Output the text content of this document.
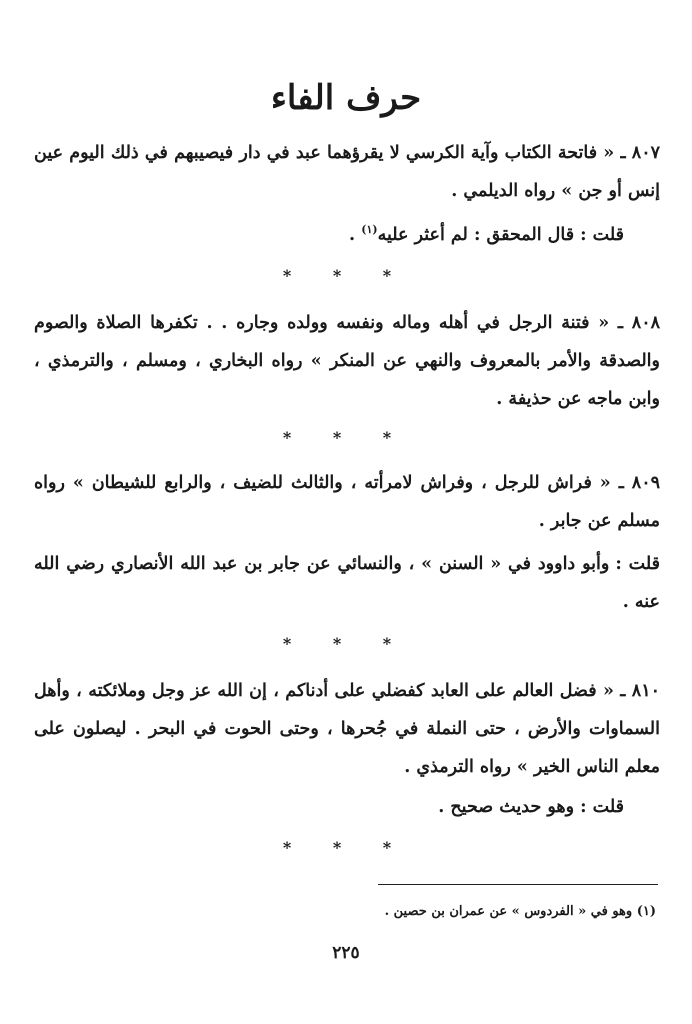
حرف الفاء
٨٠٧ ـ « فاتحة الكتاب وآية الكرسي لا يقرؤهما عبد في دار فيصيبهم في ذلك اليوم عين إنس أو جن » رواه الديلمي .
قلت :قال المحقق : لم أعثر عليه$^{(١)}$ .
* * *
٨٠٨ ـ « فتنة الرجل في أهله وماله ونفسه وولده وجاره . . تكفرها الصلاة والصوم والصدقة والأمر بالمعروف والنهي عن المنكر » رواه البخاري ، ومسلم ، والترمذي ، وابن ماجه عن حذيفة .
* * *
٨٠٩ ـ « فراش للرجل ، وفراش لامرأته ، والثالث للضيف ، والرابع للشيطان » رواه مسلم عن جابر .
قلت :وأبو داوود في « السنن » ، والنسائي عن جابر بن عبد الله الأنصاري رضي الله عنه .
* * *
٨١٠ ـ « فضل العالم على العابد كفضلي على أدناكم ، إن الله عز وجل وملائكته ، وأهل السماوات والأرض ، حتى النملة في جُحرها ، وحتى الحوت في البحر . ليصلون على معلم الناس الخير » رواه الترمذي .
قلت :وهو حديث صحيح .
* * *
(١) وهو في « الفردوس » عن عمران بن حصين .
٢٢٥
